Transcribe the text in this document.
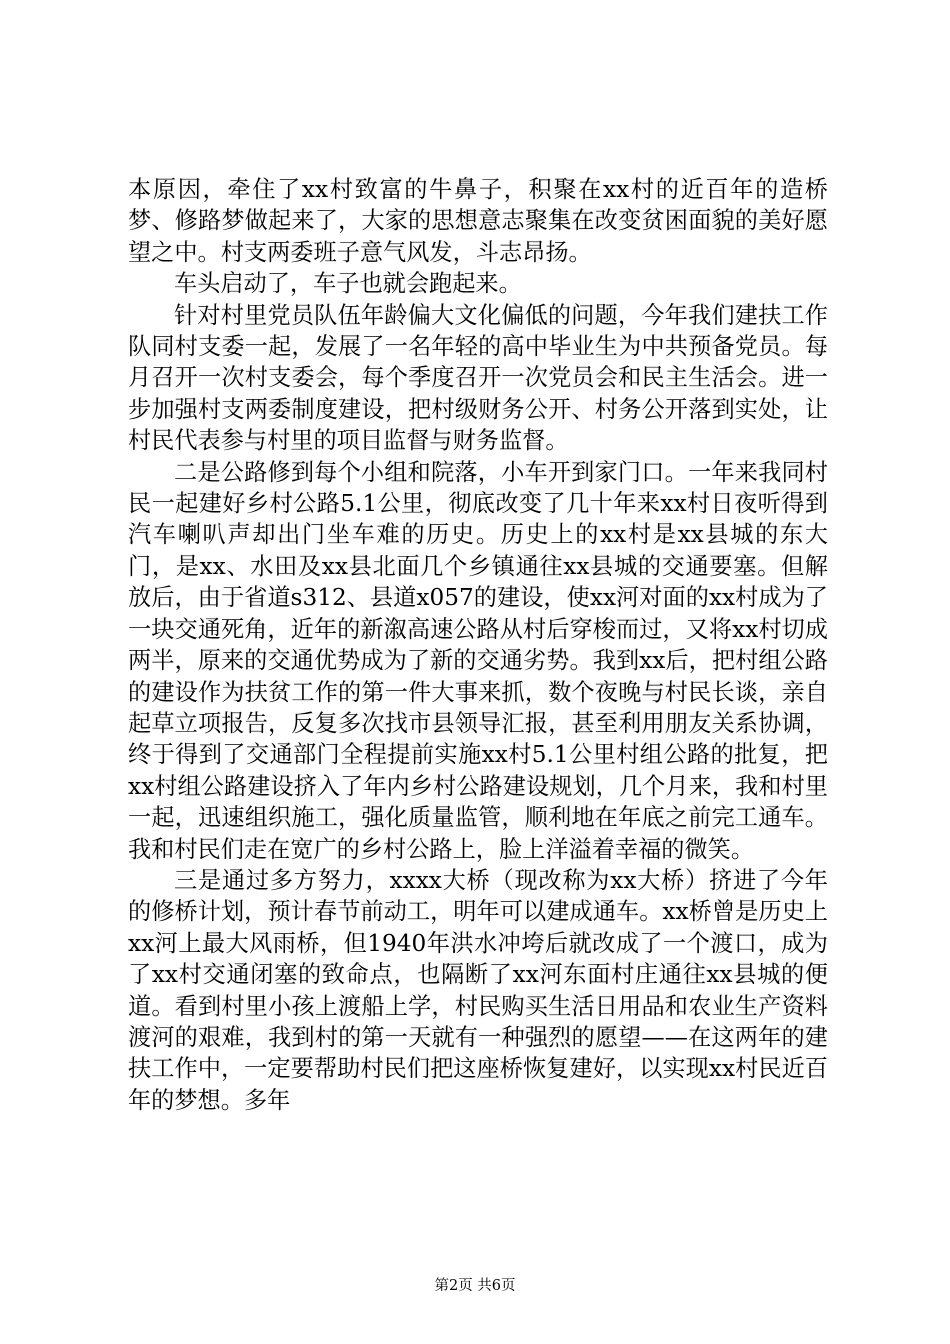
本原因，牵住了xx村致富的牛鼻子，积聚在xx村的近百年的造桥梦、修路梦做起来了，大家的思想意志聚集在改变贫困面貌的美好愿望之中。村支两委班子意气风发，斗志昂扬。

车头启动了，车子也就会跑起来。

针对村里党员队伍年龄偏大文化偏低的问题，今年我们建扶工作队同村支委一起，发展了一名年轻的高中毕业生为中共预备党员。每月召开一次村支委会，每个季度召开一次党员会和民主生活会。进一步加强村支两委制度建设，把村级财务公开、村务公开落到实处，让村民代表参与村里的项目监督与财务监督。

二是公路修到每个小组和院落，小车开到家门口。一年来我同村民一起建好乡村公路5.1公里，彻底改变了几十年来xx村日夜听得到汽车喇叭声却出门坐车难的历史。历史上的xx村是xx县城的东大门，是xx、水田及xx县北面几个乡镇通往xx县城的交通要塞。但解放后，由于省道s312、县道x057的建设，使xx河对面的xx村成为了一块交通死角，近年的新溆高速公路从村后穿梭而过，又将xx村切成两半，原来的交通优势成为了新的交通劣势。我到xx后，把村组公路的建设作为扶贫工作的第一件大事来抓，数个夜晚与村民长谈，亲自起草立项报告，反复多次找市县领导汇报，甚至利用朋友关系协调，终于得到了交通部门全程提前实施xx村5.1公里村组公路的批复，把xx村组公路建设挤入了年内乡村公路建设规划，几个月来，我和村里一起，迅速组织施工，强化质量监管，顺利地在年底之前完工通车。我和村民们走在宽广的乡村公路上，脸上洋溢着幸福的微笑。

三是通过多方努力，xxxx大桥（现改称为xx大桥）挤进了今年的修桥计划，预计春节前动工，明年可以建成通车。xx桥曾是历史上xx河上最大风雨桥，但1940年洪水冲垮后就改成了一个渡口，成为了xx村交通闭塞的致命点，也隔断了xx河东面村庄通往xx县城的便道。看到村里小孩上渡船上学，村民购买生活日用品和农业生产资料渡河的艰难，我到村的第一天就有一种强烈的愿望——在这两年的建扶工作中，一定要帮助村民们把这座桥恢复建好，以实现xx村民近百年的梦想。多年

第2页 共6页
